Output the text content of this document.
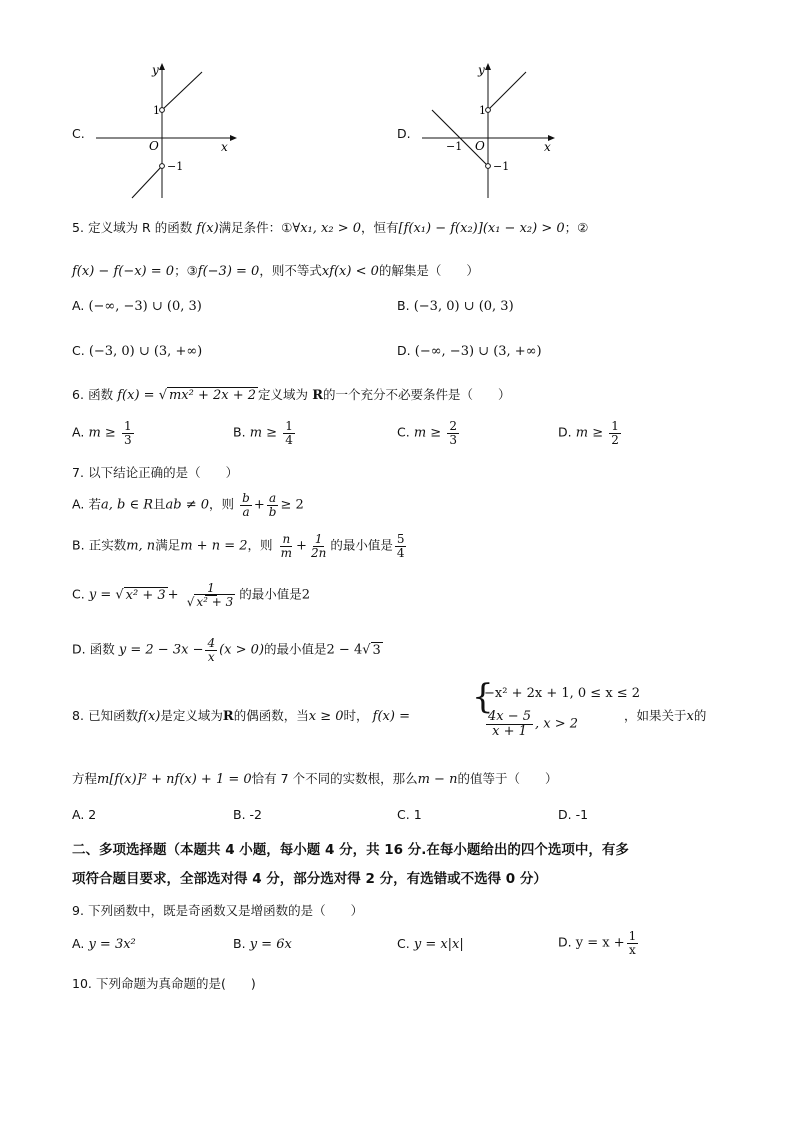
C.
y
x
O
1
−1
D.
y
x
O
1
−1
−1
5. 定义域为 R 的函数 f(x)满足条件：①∀x₁, x₂ > 0，恒有[f(x₁) − f(x₂)](x₁ − x₂) > 0；②
f(x) − f(−x) = 0；③f(−3) = 0，则不等式xf(x) < 0的解集是（　　）
A. (−∞, −3) ∪ (0, 3)	B. (−3, 0) ∪ (0, 3)
C. (−3, 0) ∪ (3, +∞)	D. (−∞, −3) ∪ (3, +∞)
6. 函数 f(x) = √ mx² + 2x + 2 定义域为 R的一个充分不必要条件是（　　）
A. $m \ge \frac{1}{3}$	B. $m \ge \frac{1}{4}$	C. $m \ge \frac{2}{3}$	D. $m \ge \frac{1}{2}$
7. 以下结论正确的是（　　）
A. 若a, b ∈ R且ab ≠ 0，则 $\frac{b}{a} + \frac{a}{b} \ge 2$
B. 正实数m, n满足m + n = 2，则 $\frac{n}{m} + \frac{1}{2n}$ 的最小值是 $\frac{5}{4}$
C. y = √ $x^2 + 3 + \frac{1}{\text{√ x² + 3}}$ 的最小值是2
D. 函数 $y = 2 - 3x - \frac{4}{x} (x > 0)$的最小值是2 − 4√ 3
8. 已知函数f(x)是定义域为R的偶函数，当x ≥ 0时， f(x) = {
−x² + 2x + 1, 0 ≤ x ≤ 2
$\frac{4x - 5}{x + 1}$ , x > 2
，如果关于x的
方程m[f(x)]² + nf(x) + 1 = 0恰有 7 个不同的实数根，那么m − n的值等于（　　）
A. 2	B. -2	C. 1	D. -1
二、多项选择题（本题共 4 小题，每小题 4 分，共 16 分.在每小题给出的四个选项中，有多
项符合题目要求，全部选对得 4 分，部分选对得 2 分，有选错或不选得 0 分）
9. 下列函数中，既是奇函数又是增函数的是（　　）
A. y = 3x²	B. y = 6x	C. y = x|x|	D. $y = x + \frac{1}{x}$
10. 下列命题为真命题的是(　　)
